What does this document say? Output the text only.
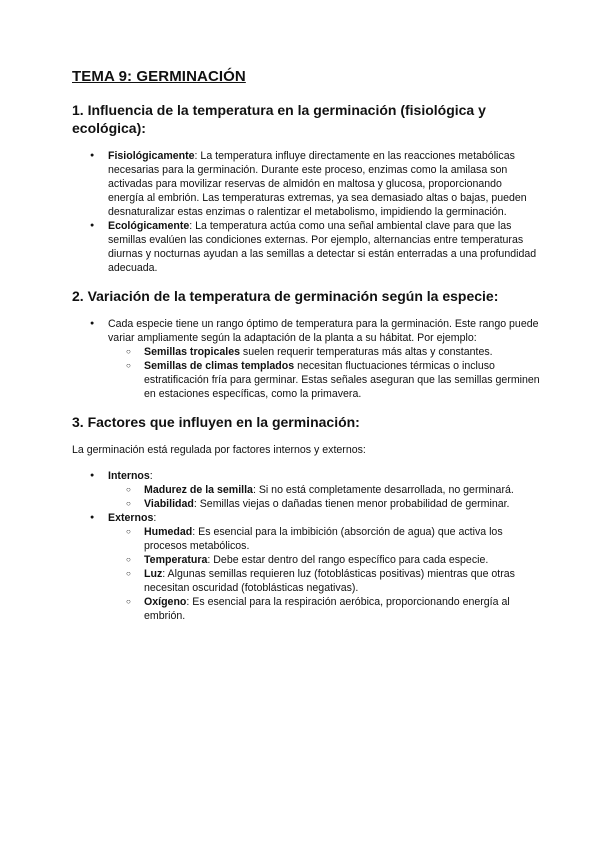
TEMA 9: GERMINACIÓN
1. Influencia de la temperatura en la germinación (fisiológica y ecológica):
● Fisiológicamente: La temperatura influye directamente en las reacciones metabólicas necesarias para la germinación. Durante este proceso, enzimas como la amilasa son activadas para movilizar reservas de almidón en maltosa y glucosa, proporcionando energía al embrión. Las temperaturas extremas, ya sea demasiado altas o bajas, pueden desnaturalizar estas enzimas o ralentizar el metabolismo, impidiendo la germinación.
● Ecológicamente: La temperatura actúa como una señal ambiental clave para que las semillas evalúen las condiciones externas. Por ejemplo, alternancias entre temperaturas diurnas y nocturnas ayudan a las semillas a detectar si están enterradas a una profundidad adecuada.
2. Variación de la temperatura de germinación según la especie:
● Cada especie tiene un rango óptimo de temperatura para la germinación. Este rango puede variar ampliamente según la adaptación de la planta a su hábitat. Por ejemplo:
○ Semillas tropicales suelen requerir temperaturas más altas y constantes.
○ Semillas de climas templados necesitan fluctuaciones térmicas o incluso estratificación fría para germinar. Estas señales aseguran que las semillas germinen en estaciones específicas, como la primavera.
3. Factores que influyen en la germinación:

La germinación está regulada por factores internos y externos:

● Internos:
○ Madurez de la semilla: Si no está completamente desarrollada, no germinará.
○ Viabilidad: Semillas viejas o dañadas tienen menor probabilidad de germinar.
● Externos:
○ Humedad: Es esencial para la imbibición (absorción de agua) que activa los procesos metabólicos.
○ Temperatura: Debe estar dentro del rango específico para cada especie.
○ Luz: Algunas semillas requieren luz (fotoblásticas positivas) mientras que otras necesitan oscuridad (fotoblásticas negativas).
○ Oxígeno: Es esencial para la respiración aeróbica, proporcionando energía al embrión.
